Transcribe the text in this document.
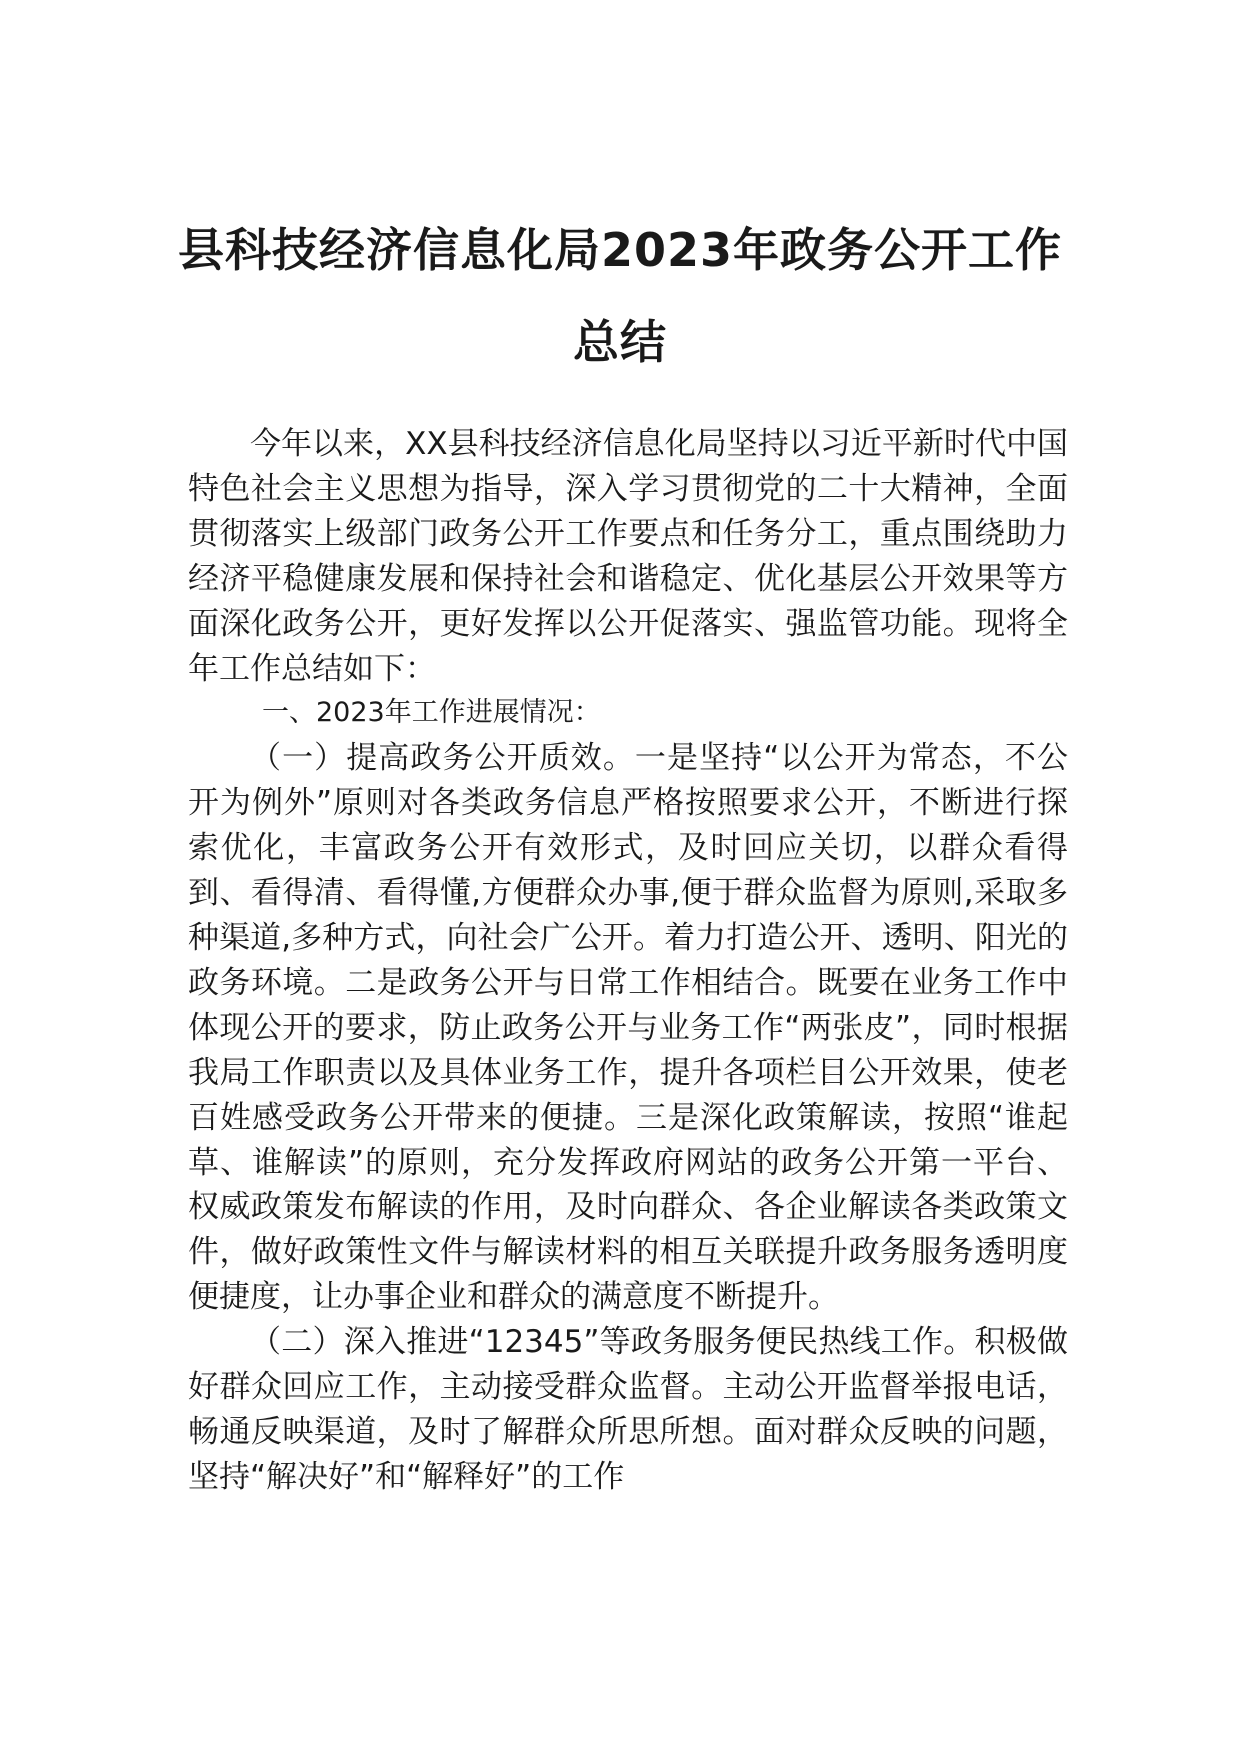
县科技经济信息化局2023年政务公开工作
总结

今年以来，XX县科技经济信息化局坚持以习近平新时代中国特色社会主义思想为指导，深入学习贯彻党的二十大精神，全面贯彻落实上级部门政务公开工作要点和任务分工，重点围绕助力经济平稳健康发展和保持社会和谐稳定、优化基层公开效果等方面深化政务公开，更好发挥以公开促落实、强监管功能。现将全年工作总结如下：

一、2023年工作进展情况：

（一）提高政务公开质效。一是坚持“以公开为常态，不公开为例外”原则对各类政务信息严格按照要求公开，不断进行探索优化，丰富政务公开有效形式，及时回应关切，以群众看得到、看得清、看得懂,方便群众办事,便于群众监督为原则,采取多种渠道,多种方式，向社会广公开。着力打造公开、透明、阳光的政务环境。二是政务公开与日常工作相结合。既要在业务工作中体现公开的要求，防止政务公开与业务工作“两张皮”，同时根据我局工作职责以及具体业务工作，提升各项栏目公开效果，使老百姓感受政务公开带来的便捷。三是深化政策解读，按照“谁起草、谁解读”的原则，充分发挥政府网站的政务公开第一平台、权威政策发布解读的作用，及时向群众、各企业解读各类政策文件，做好政策性文件与解读材料的相互关联提升政务服务透明度便捷度，让办事企业和群众的满意度不断提升。

（二）深入推进“12345”等政务服务便民热线工作。积极做好群众回应工作，主动接受群众监督。主动公开监督举报电话，畅通反映渠道，及时了解群众所思所想。面对群众反映的问题，坚持“解决好”和“解释好”的工作
